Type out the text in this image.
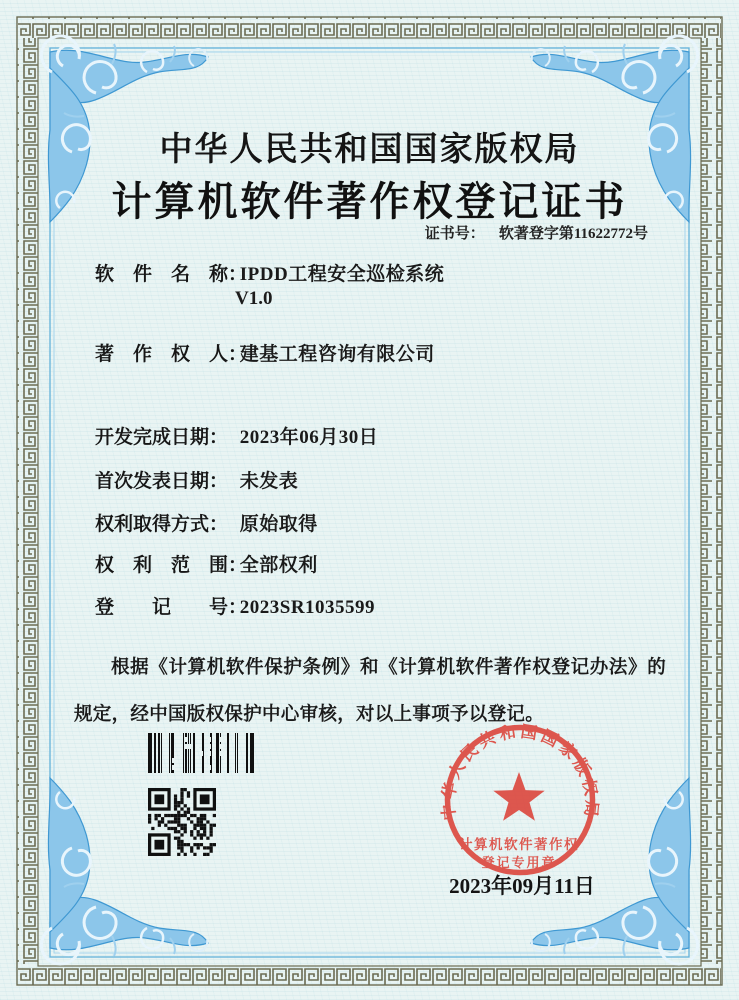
中华人民共和国国家版权局
计算机软件著作权
登记专用章
中华人民共和国国家版权局
计算机软件著作权登记证书
证书号： 软著登字第11622772号
软　件　名　称： IPDD工程安全巡检系统
V1.0
著　作　权　人： 建基工程咨询有限公司
开发完成日期： 2023年06月30日
首次发表日期： 未发表
权利取得方式： 原始取得
权　利　范　围： 全部权利
登　　记　　号： 2023SR1035599

根据《计算机软件保护条例》和《计算机软件著作权登记办法》的规定，经中国版权保护中心审核，对以上事项予以登记。

2023年09月11日
